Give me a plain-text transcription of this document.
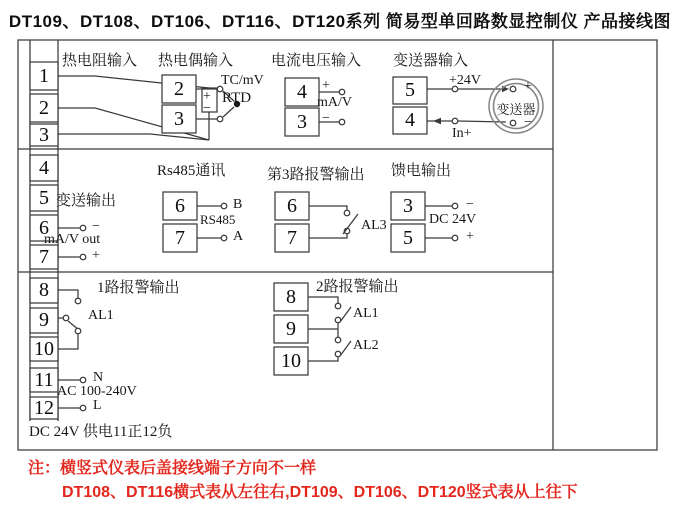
DT109、DT108、DT106、DT116、DT120系列 简易型单回路数显控制仪 产品接线图
1
2
3
4
5
6
7
8
9
10
11
12
热电阻输入
RTD
热电偶输入
2
3
+
−
TC/mV
电流电压输入
4
3
+
mA/V
−
变送器输入
5
4
+24V
In+
+
−
变送器
变送输出
−
mA/V out
+
Rs485通讯
6
7
B
RS485
A
第3路报警输出
6
7
AL3
馈电输出
3
5
−
DC 24V
+
1路报警输出
AL1
2路报警输出
8
9
10
AL1
AL2
N
AC 100-240V
L
DC 24V 供电11正12负
注：横竖式仪表后盖接线端子方向不一样
DT108、DT116横式表从左往右,DT109、DT106、DT120竖式表从上往下
